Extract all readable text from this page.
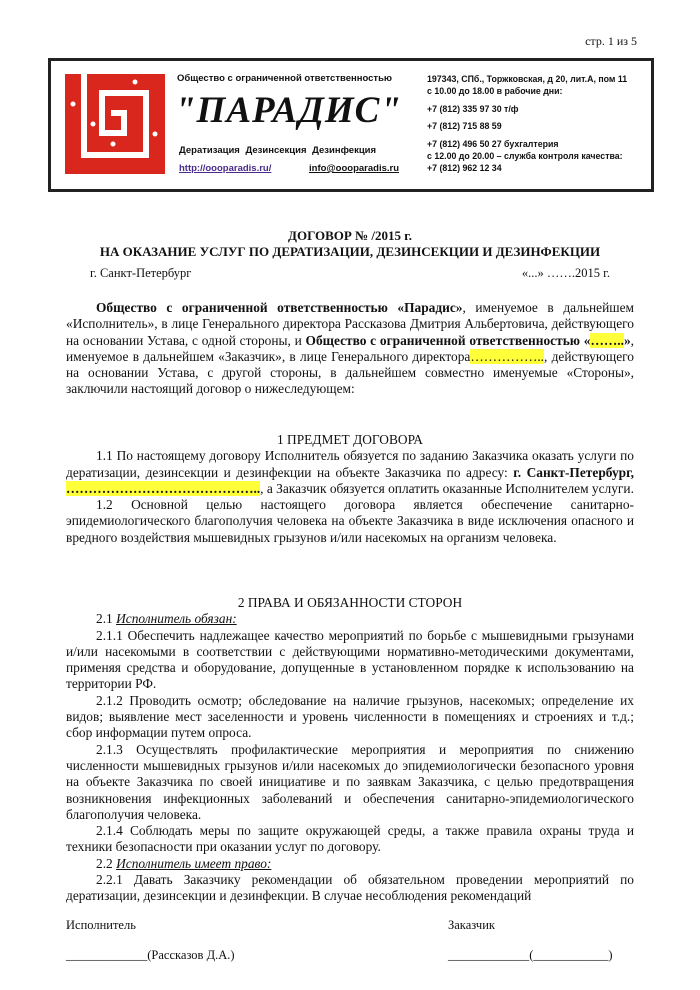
стр. 1 из 5
Общество с ограниченной ответственностью
"ПАРАДИС"
Дератизация Дезинсекция Дезинфекция
http://oooparadis.ru/	info@oooparadis.ru
197343, СПб., Торжковская, д 20, лит.А, пом 11
с 10.00 до 18.00 в рабочие дни:
+7 (812) 335 97 30 т/ф
+7 (812) 715 88 59
+7 (812) 496 50 27 бухгалтерия
с 12.00 до 20.00 – служба контроля качества:
+7 (812) 962 12 34
ДОГОВОР № /2015 г.
НА ОКАЗАНИЕ УСЛУГ ПО ДЕРАТИЗАЦИИ, ДЕЗИНСЕКЦИИ И ДЕЗИНФЕКЦИИ
г. Санкт-Петербург	«...» …….2015 г.

Общество с ограниченной ответственностью «Парадис», именуемое в дальнейшем «Исполнитель», в лице Генерального директора Рассказова Дмитрия Альбертовича, действующего на основании Устава, с одной стороны, и Общество с ограниченной ответственностью «……..», именуемое в дальнейшем «Заказчик», в лице Генерального директора…………….., действующего на основании Устава, с другой стороны, в дальнейшем совместно именуемые «Стороны», заключили настоящий договор о нижеследующем:

1 ПРЕДМЕТ ДОГОВОРА

1.1 По настоящему договору Исполнитель обязуется по заданию Заказчика оказать услуги по дератизации, дезинсекции и дезинфекции на объекте Заказчика по адресу: г. Санкт-Петербург, …………………………………….., а Заказчик обязуется оплатить оказанные Исполнителем услуги.

1.2 Основной целью настоящего договора является обеспечение санитарно-эпидемиологического благополучия человека на объекте Заказчика в виде исключения опасного и вредного воздействия мышевидных грызунов и/или насекомых на организм человека.

2 ПРАВА И ОБЯЗАННОСТИ СТОРОН

2.1 Исполнитель обязан:

2.1.1 Обеспечить надлежащее качество мероприятий по борьбе с мышевидными грызунами и/или насекомыми в соответствии с действующими нормативно-методическими документами, применяя средства и оборудование, допущенные в установленном порядке к использованию на территории РФ.

2.1.2 Проводить осмотр; обследование на наличие грызунов, насекомых; определение их видов; выявление мест заселенности и уровень численности в помещениях и строениях и т.д.; сбор информации путем опроса.

2.1.3 Осуществлять профилактические мероприятия и мероприятия по снижению численности мышевидных грызунов и/или насекомых до эпидемиологически безопасного уровня на объекте Заказчика по своей инициативе и по заявкам Заказчика, с целью предотвращения возникновения инфекционных заболеваний и обеспечения санитарно-эпидемиологического благополучия человека.

2.1.4 Соблюдать меры по защите окружающей среды, а также правила охраны труда и техники безопасности при оказании услуг по договору.

2.2 Исполнитель имеет право:

2.2.1 Давать Заказчику рекомендации об обязательном проведении мероприятий по дератизации, дезинсекции и дезинфекции. В случае несоблюдения рекомендаций

Исполнитель	Заказчик
_____________(Рассказов Д.А.)	_____________(____________)
